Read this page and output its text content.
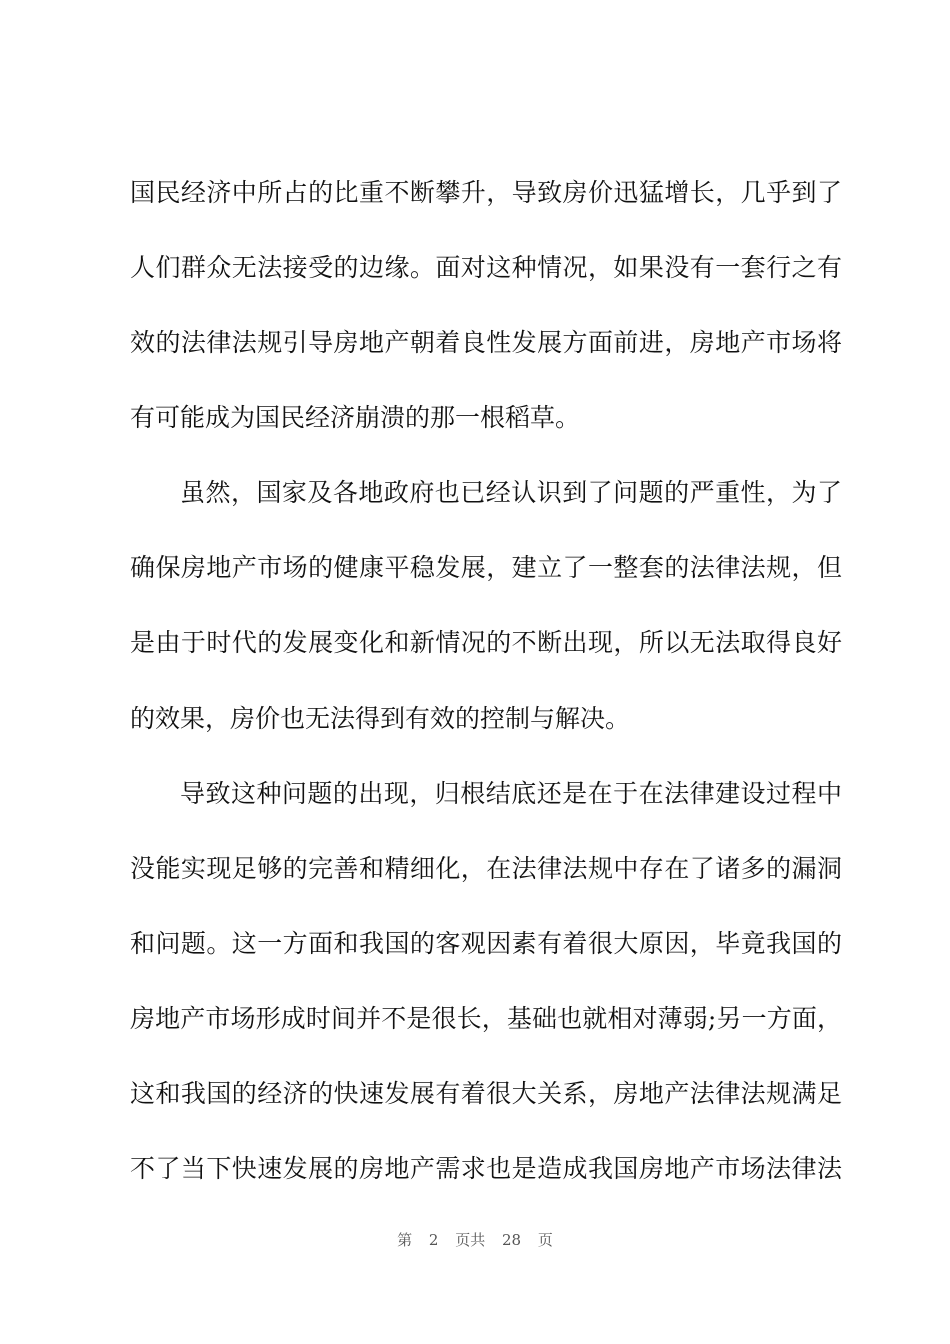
国民经济中所占的比重不断攀升，导致房价迅猛增长，几乎到了
人们群众无法接受的边缘。面对这种情况，如果没有一套行之有
效的法律法规引导房地产朝着良性发展方面前进，房地产市场将
有可能成为国民经济崩溃的那一根稻草。
虽然，国家及各地政府也已经认识到了问题的严重性，为了
确保房地产市场的健康平稳发展，建立了一整套的法律法规，但
是由于时代的发展变化和新情况的不断出现，所以无法取得良好
的效果，房价也无法得到有效的控制与解决。
导致这种问题的出现，归根结底还是在于在法律建设过程中
没能实现足够的完善和精细化，在法律法规中存在了诸多的漏洞
和问题。这一方面和我国的客观因素有着很大原因，毕竟我国的
房地产市场形成时间并不是很长，基础也就相对薄弱;另一方面，
这和我国的经济的快速发展有着很大关系，房地产法律法规满足
不了当下快速发展的房地产需求也是造成我国房地产市场法律法
第 2 页共 28 页
